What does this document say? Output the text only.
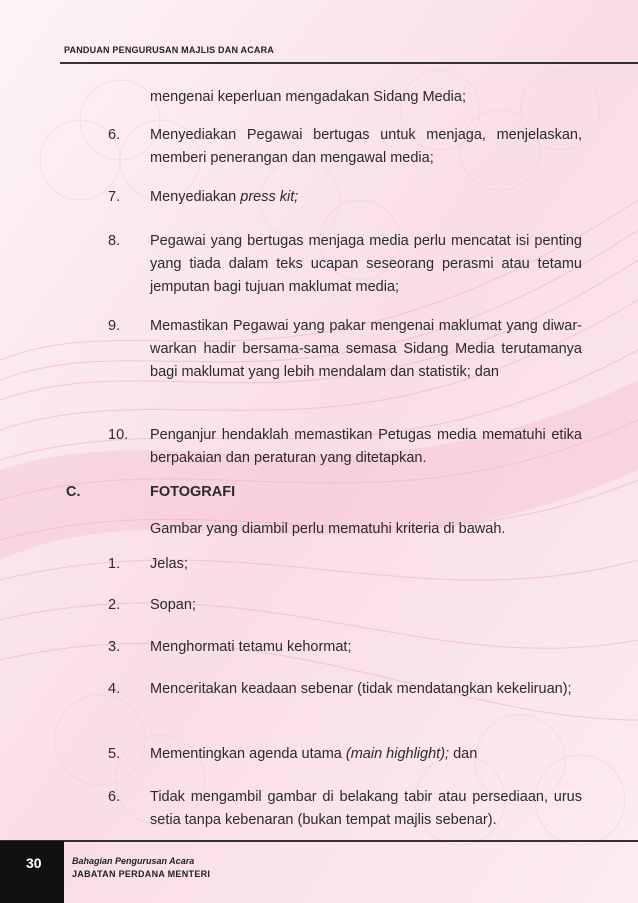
PANDUAN PENGURUSAN MAJLIS DAN ACARA
mengenai keperluan mengadakan Sidang Media;
6.	Menyediakan Pegawai bertugas untuk menjaga, menjelaskan, memberi penerangan dan mengawal media;
7.	Menyediakan press kit;
8.	Pegawai yang bertugas menjaga media perlu mencatat isi penting yang tiada dalam teks ucapan seseorang perasmi atau tetamu jemputan bagi tujuan maklumat media;
9.	Memastikan Pegawai yang pakar mengenai maklumat yang diwar-warkan hadir bersama-sama semasa Sidang Media terutamanya bagi maklumat yang lebih mendalam dan statistik; dan
10.	Penganjur hendaklah memastikan Petugas media mematuhi etika berpakaian dan peraturan yang ditetapkan.
C.	FOTOGRAFI
Gambar yang diambil perlu mematuhi kriteria di bawah.
1.	Jelas;
2.	Sopan;
3.	Menghormati tetamu kehormat;
4.	Menceritakan keadaan sebenar (tidak mendatangkan kekeliruan);
5.	Mementingkan agenda utama (main highlight); dan
6.	Tidak mengambil gambar di belakang tabir atau persediaan, urus setia tanpa kebenaran (bukan tempat majlis sebenar).
30	Bahagian Pengurusan Acara
JABATAN PERDANA MENTERI
